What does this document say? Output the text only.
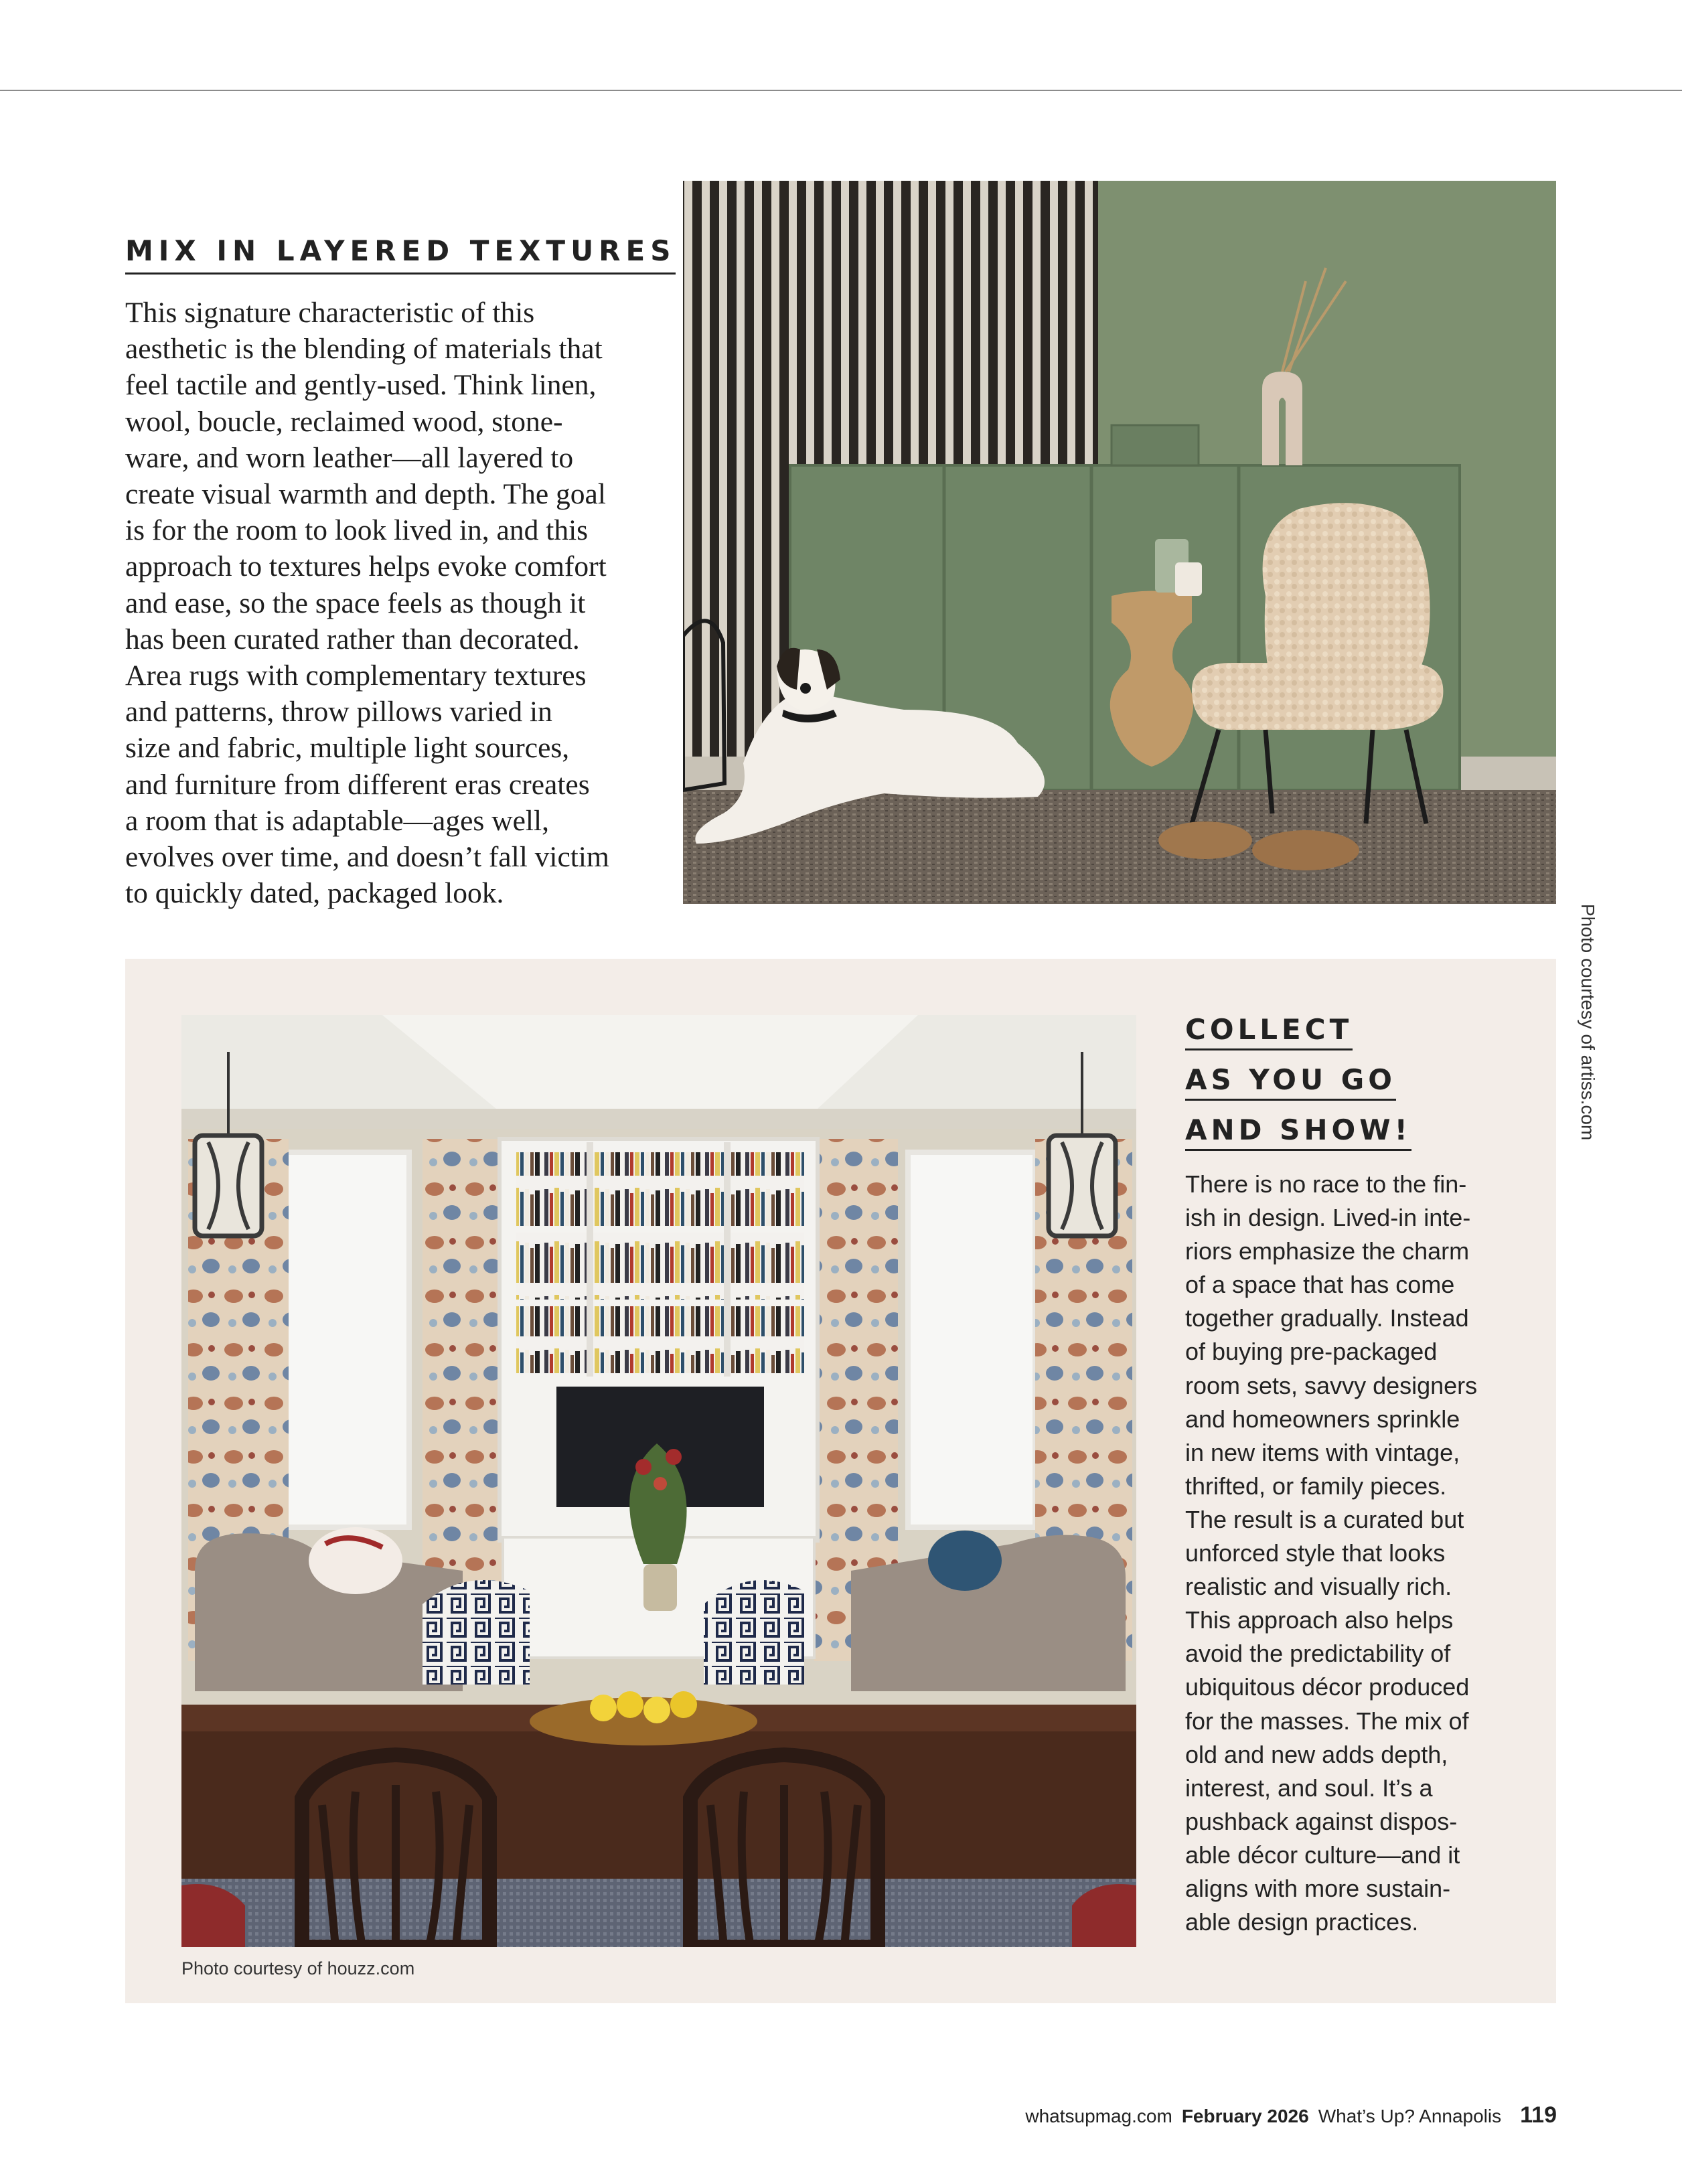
MIX IN LAYERED TEXTURES

This signature characteristic of this
aesthetic is the blending of materials that
feel tactile and gently-used. Think linen,
wool, boucle, reclaimed wood, stone-
ware, and worn leather—all layered to
create visual warmth and depth. The goal
is for the room to look lived in, and this
approach to textures helps evoke comfort
and ease, so the space feels as though it
has been curated rather than decorated.
Area rugs with complementary textures
and patterns, throw pillows varied in
size and fabric, multiple light sources,
and furniture from different eras creates
a room that is adaptable—ages well,
evolves over time, and doesn’t fall victim
to quickly dated, packaged look.

Photo courtesy of artiss.com
Photo courtesy of houzz.com
COLLECT
AS YOU GO
AND SHOW!

There is no race to the fin-
ish in design. Lived-in inte-
riors emphasize the charm
of a space that has come
together gradually. Instead
of buying pre-packaged
room sets, savvy designers
and homeowners sprinkle
in new items with vintage,
thrifted, or family pieces.
The result is a curated but
unforced style that looks
realistic and visually rich.
This approach also helps
avoid the predictability of
ubiquitous décor produced
for the masses. The mix of
old and new adds depth,
interest, and soul. It’s a
pushback against dispos-
able décor culture—and it
aligns with more sustain-
able design practices.

whatsupmag.com February 2026 What’s Up? Annapolis 119
